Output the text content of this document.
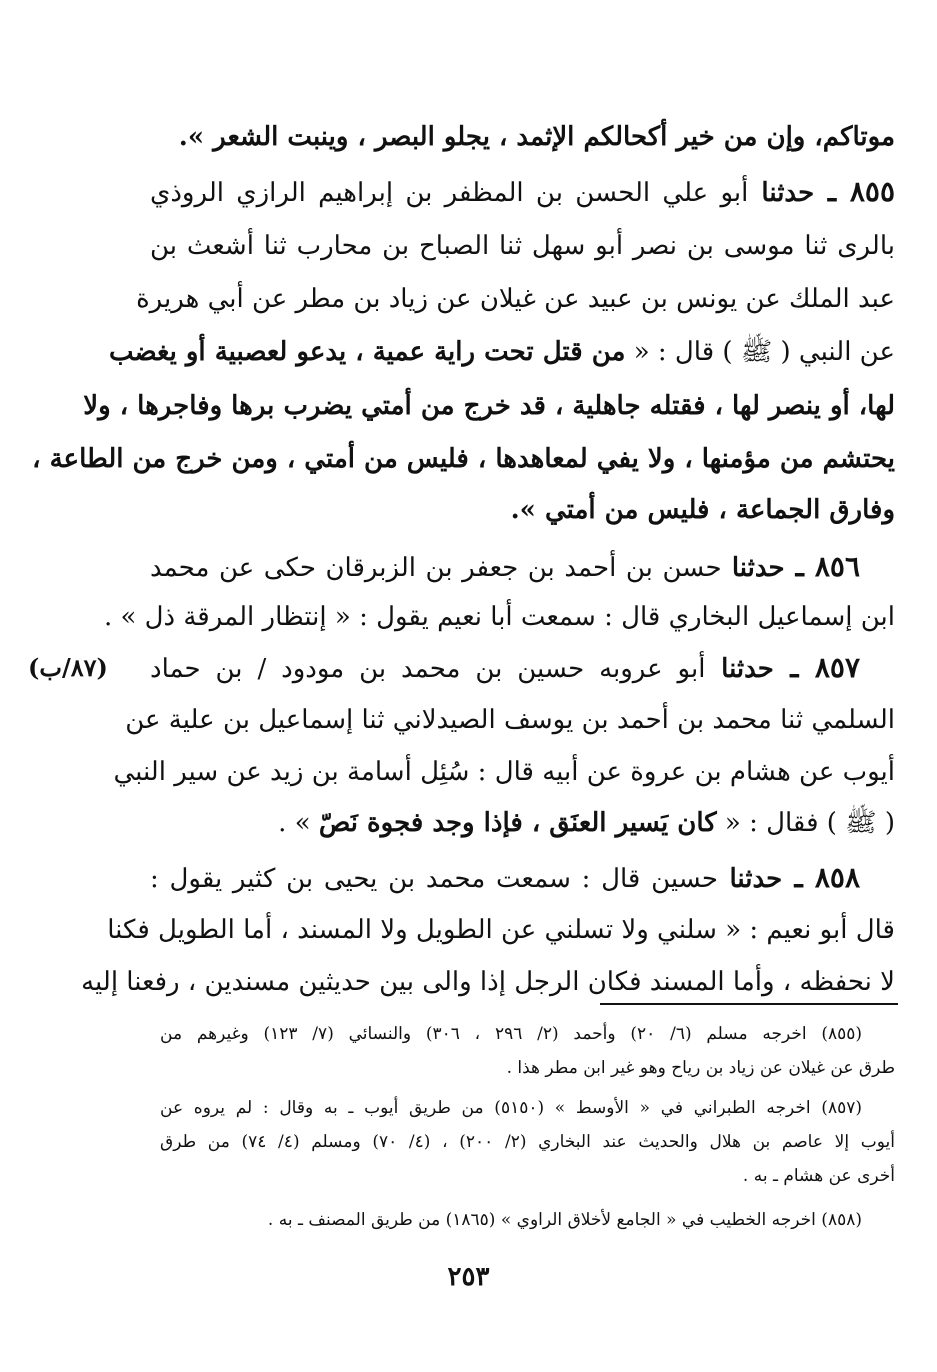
موتاكم، وإن من خير أكحالكم الإثمد ، يجلو البصر ، وينبت الشعر ».
٨٥٥ ـ حدثنا أبو علي الحسن بن المظفر بن إبراهيم الرازي الروذي
بالرى ثنا موسى بن نصر أبو سهل ثنا الصباح بن محارب ثنا أشعث بن
عبد الملك عن يونس بن عبيد عن غيلان عن زياد بن مطر عن أبي هريرة
عن النبي ( ﷺ ) قال : « من قتل تحت راية عمية ، يدعو لعصبية أو يغضب
لها، أو ينصر لها ، فقتله جاهلية ، قد خرج من أمتي يضرب برها وفاجرها ، ولا
يحتشم من مؤمنها ، ولا يفي لمعاهدها ، فليس من أمتي ، ومن خرج من الطاعة ،
وفارق الجماعة ، فليس من أمتي ».
٨٥٦ ـ حدثنا حسن بن أحمد بن جعفر بن الزبرقان حكى عن محمد
ابن إسماعيل البخاري قال : سمعت أبا نعيم يقول : « إنتظار المرقة ذل » .
٨٥٧ ـ حدثنا أبو عروبه حسين بن محمد بن مودود / بن حماد
السلمي ثنا محمد بن أحمد بن يوسف الصيدلاني ثنا إسماعيل بن علية عن
أيوب عن هشام بن عروة عن أبيه قال : سُئِل أسامة بن زيد عن سير النبي
( ﷺ ) فقال : « كان يَسير العنَق ، فإذا وجد فجوة نَصّ » .
٨٥٨ ـ حدثنا حسين قال : سمعت محمد بن يحيى بن كثير يقول :
قال أبو نعيم : « سلني ولا تسلني عن الطويل ولا المسند ، أما الطويل فكنا
لا نحفظه ، وأما المسند فكان الرجل إذا والى بين حديثين مسندين ، رفعنا إليه
(٨٧/ب)
(٨٥٥) اخرجه مسلم (٦/ ٢٠) وأحمد (٢/ ٢٩٦ ، ٣٠٦) والنسائي (٧/ ١٢٣) وغيرهم من
طرق عن غيلان عن زياد بن رياح وهو غير ابن مطر هذا .
(٨٥٧) اخرجه الطبراني في « الأوسط » (٥١٥٠) من طريق أيوب ـ به وقال : لم يروه عن
أيوب إلا عاصم بن هلال والحديث عند البخاري (٢/ ٢٠٠) ، (٤/ ٧٠) ومسلم (٤/ ٧٤) من طرق
أخرى عن هشام ـ به .
(٨٥٨) اخرجه الخطيب في « الجامع لأخلاق الراوي » (١٨٦٥) من طريق المصنف ـ به .
٢٥٣
